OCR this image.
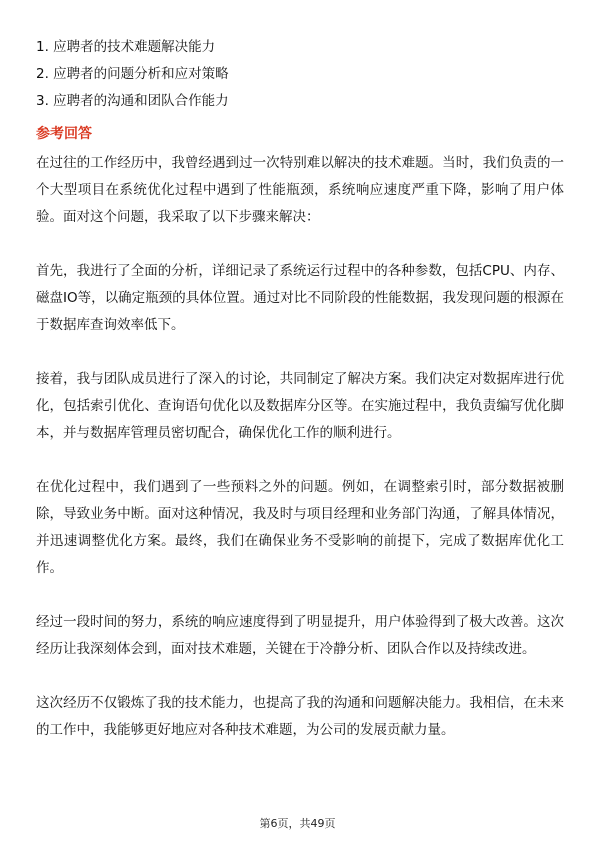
1. 应聘者的技术难题解决能力
2. 应聘者的问题分析和应对策略
3. 应聘者的沟通和团队合作能力
参考回答

在过往的工作经历中，我曾经遇到过一次特别难以解决的技术难题。当时，我们负责的一个大型项目在系统优化过程中遇到了性能瓶颈，系统响应速度严重下降，影响了用户体验。面对这个问题，我采取了以下步骤来解决：

首先，我进行了全面的分析，详细记录了系统运行过程中的各种参数，包括CPU、内存、磁盘IO等，以确定瓶颈的具体位置。通过对比不同阶段的性能数据，我发现问题的根源在于数据库查询效率低下。

接着，我与团队成员进行了深入的讨论，共同制定了解决方案。我们决定对数据库进行优化，包括索引优化、查询语句优化以及数据库分区等。在实施过程中，我负责编写优化脚本，并与数据库管理员密切配合，确保优化工作的顺利进行。

在优化过程中，我们遇到了一些预料之外的问题。例如，在调整索引时，部分数据被删除，导致业务中断。面对这种情况，我及时与项目经理和业务部门沟通，了解具体情况，并迅速调整优化方案。最终，我们在确保业务不受影响的前提下，完成了数据库优化工作。

经过一段时间的努力，系统的响应速度得到了明显提升，用户体验得到了极大改善。这次经历让我深刻体会到，面对技术难题，关键在于冷静分析、团队合作以及持续改进。

这次经历不仅锻炼了我的技术能力，也提高了我的沟通和问题解决能力。我相信，在未来的工作中，我能够更好地应对各种技术难题，为公司的发展贡献力量。

第6页，共49页
